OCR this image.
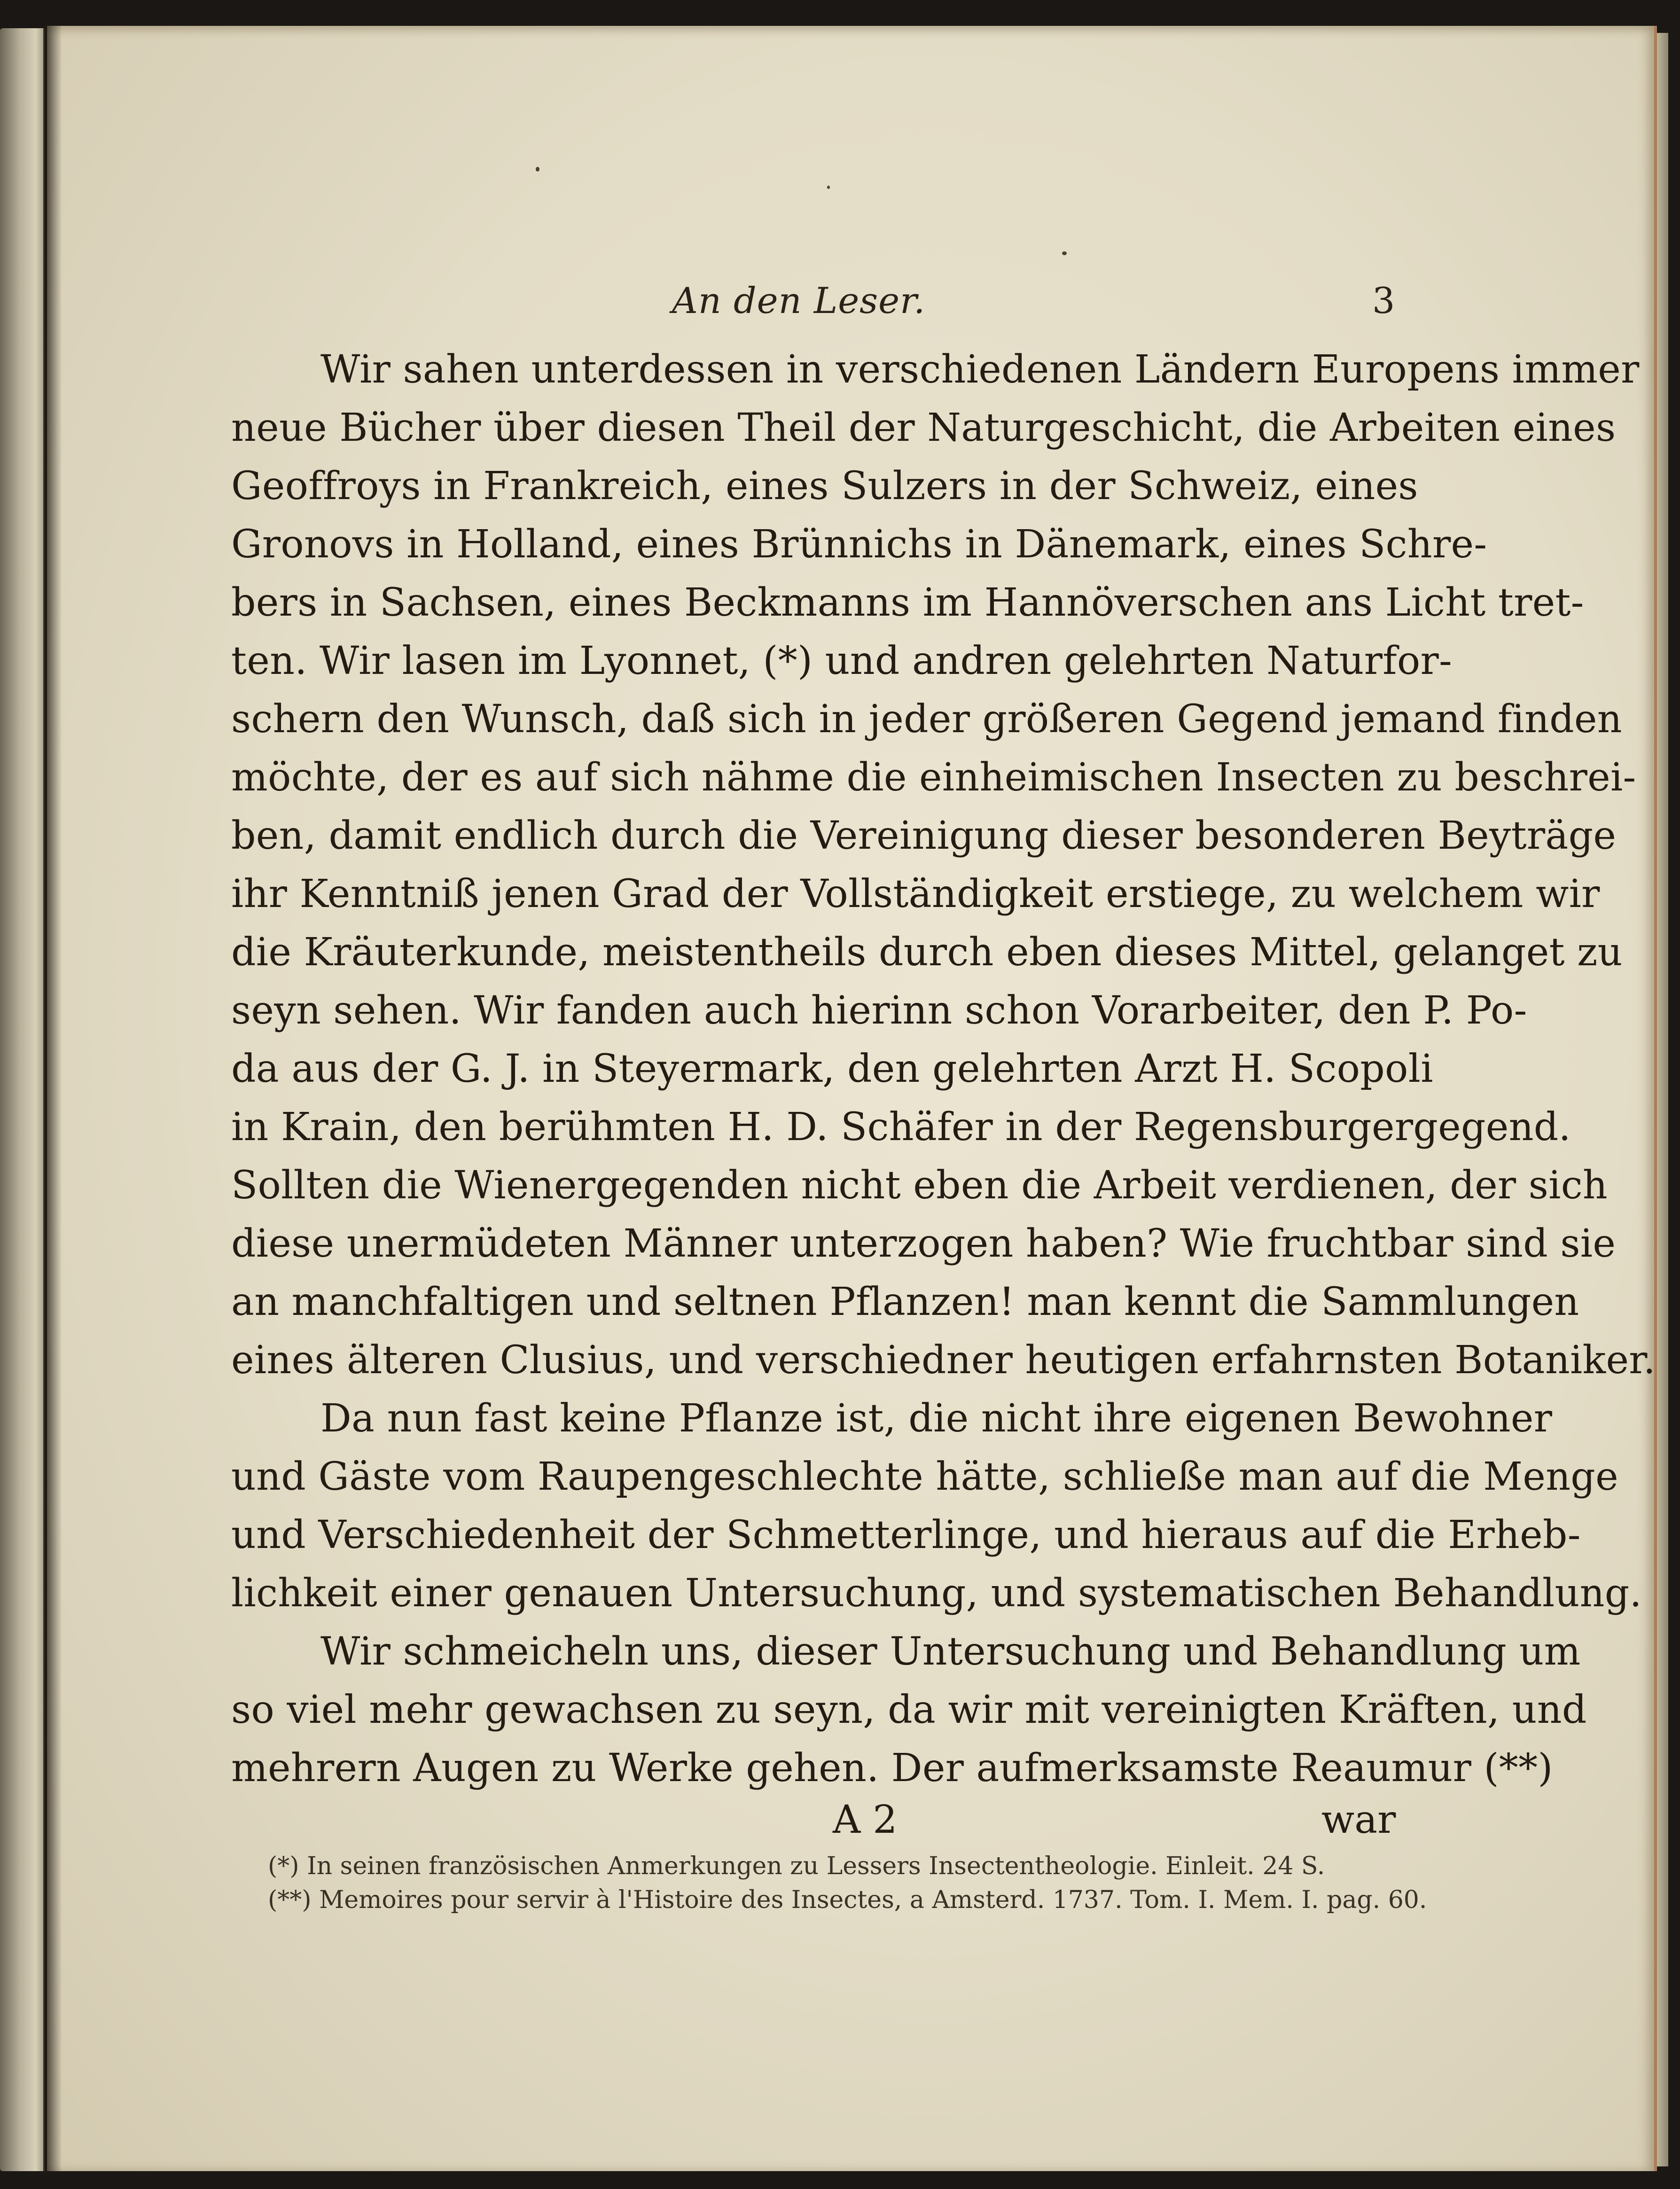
An den Leser.	3
Wir sahen unterdessen in verschiedenen Ländern Europens immer
neue Bücher über diesen Theil der Naturgeschicht, die Arbeiten eines
Geoffroys in Frankreich, eines Sulzers in der Schweiz, eines
Gronovs in Holland, eines Brünnichs in Dänemark, eines Schre-
bers in Sachsen, eines Beckmanns im Hannöverschen ans Licht tret-
ten. Wir lasen im Lyonnet, (*) und andren gelehrten Naturfor-
schern den Wunsch, daß sich in jeder größeren Gegend jemand finden
möchte, der es auf sich nähme die einheimischen Insecten zu beschrei-
ben, damit endlich durch die Vereinigung dieser besonderen Beyträge
ihr Kenntniß jenen Grad der Vollständigkeit erstiege, zu welchem wir
die Kräuterkunde, meistentheils durch eben dieses Mittel, gelanget zu
seyn sehen. Wir fanden auch hierinn schon Vorarbeiter, den P. Po-
da aus der G. J. in Steyermark, den gelehrten Arzt H. Scopoli
in Krain, den berühmten H. D. Schäfer in der Regensburgergegend.
Sollten die Wienergegenden nicht eben die Arbeit verdienen, der sich
diese unermüdeten Männer unterzogen haben? Wie fruchtbar sind sie
an manchfaltigen und seltnen Pflanzen! man kennt die Sammlungen
eines älteren Clusius, und verschiedner heutigen erfahrnsten Botaniker.
Da nun fast keine Pflanze ist, die nicht ihre eigenen Bewohner
und Gäste vom Raupengeschlechte hätte, schließe man auf die Menge
und Verschiedenheit der Schmetterlinge, und hieraus auf die Erheb-
lichkeit einer genauen Untersuchung, und systematischen Behandlung.
Wir schmeicheln uns, dieser Untersuchung und Behandlung um
so viel mehr gewachsen zu seyn, da wir mit vereinigten Kräften, und
mehrern Augen zu Werke gehen. Der aufmerksamste Reaumur (**)
A 2	war
(*) In seinen französischen Anmerkungen zu Lessers Insectentheologie. Einleit. 24 S.
(**) Memoires pour servir à l'Histoire des Insectes, a Amsterd. 1737. Tom. I. Mem. I. pag. 60.
